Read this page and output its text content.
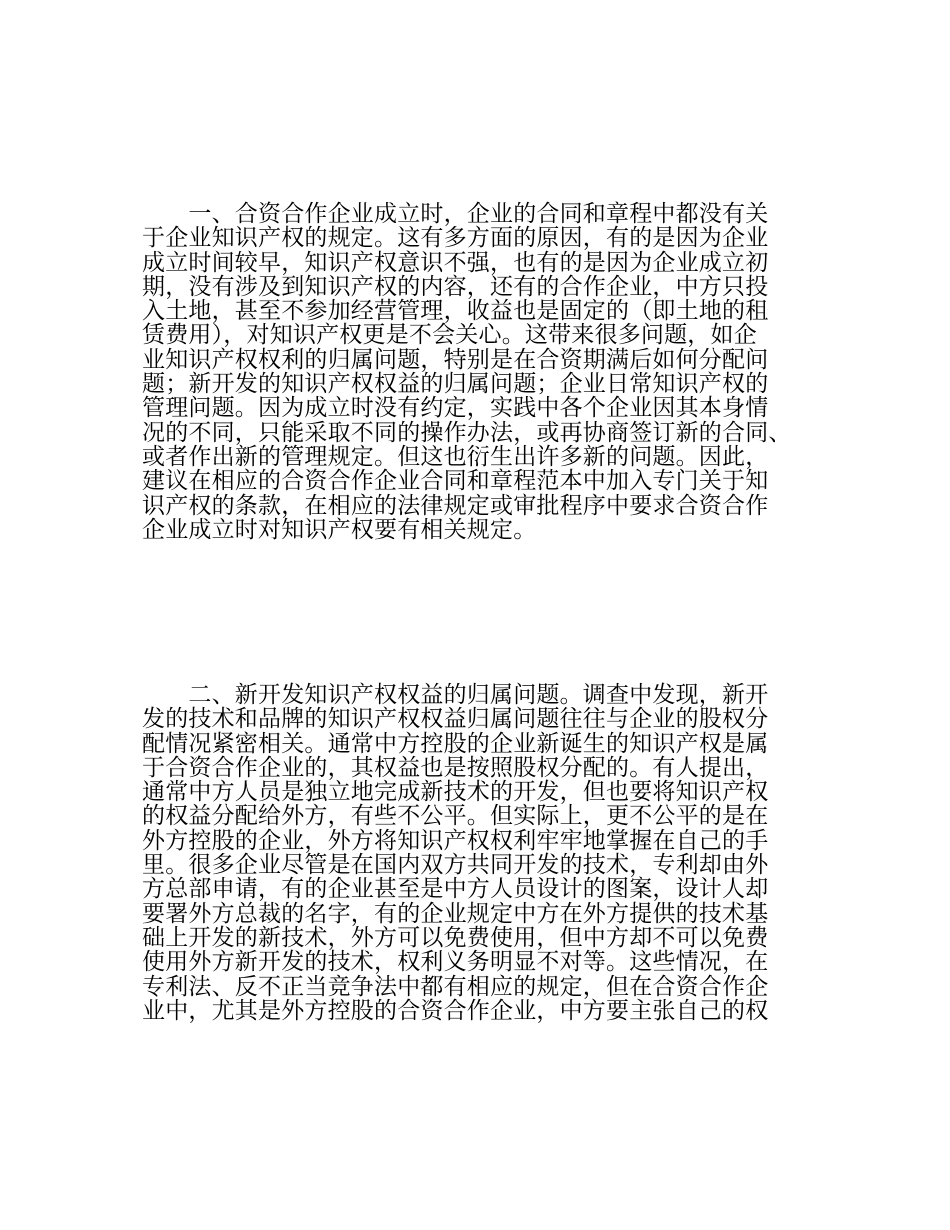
　　一、合资合作企业成立时，企业的合同和章程中都没有关
于企业知识产权的规定。这有多方面的原因，有的是因为企业
成立时间较早，知识产权意识不强，也有的是因为企业成立初
期，没有涉及到知识产权的内容，还有的合作企业，中方只投
入土地，甚至不参加经营管理，收益也是固定的（即土地的租
赁费用），对知识产权更是不会关心。这带来很多问题，如企
业知识产权权利的归属问题，特别是在合资期满后如何分配问
题；新开发的知识产权权益的归属问题；企业日常知识产权的
管理问题。因为成立时没有约定，实践中各个企业因其本身情
况的不同，只能采取不同的操作办法，或再协商签订新的合同、
或者作出新的管理规定。但这也衍生出许多新的问题。因此，
建议在相应的合资合作企业合同和章程范本中加入专门关于知
识产权的条款，在相应的法律规定或审批程序中要求合资合作
企业成立时对知识产权要有相关规定。
　　二、新开发知识产权权益的归属问题。调查中发现，新开
发的技术和品牌的知识产权权益归属问题往往与企业的股权分
配情况紧密相关。通常中方控股的企业新诞生的知识产权是属
于合资合作企业的，其权益也是按照股权分配的。有人提出，
通常中方人员是独立地完成新技术的开发，但也要将知识产权
的权益分配给外方，有些不公平。但实际上，更不公平的是在
外方控股的企业，外方将知识产权权利牢牢地掌握在自己的手
里。很多企业尽管是在国内双方共同开发的技术，专利却由外
方总部申请，有的企业甚至是中方人员设计的图案，设计人却
要署外方总裁的名字，有的企业规定中方在外方提供的技术基
础上开发的新技术，外方可以免费使用，但中方却不可以免费
使用外方新开发的技术，权利义务明显不对等。这些情况，在
专利法、反不正当竞争法中都有相应的规定，但在合资合作企
业中，尤其是外方控股的合资合作企业，中方要主张自己的权
